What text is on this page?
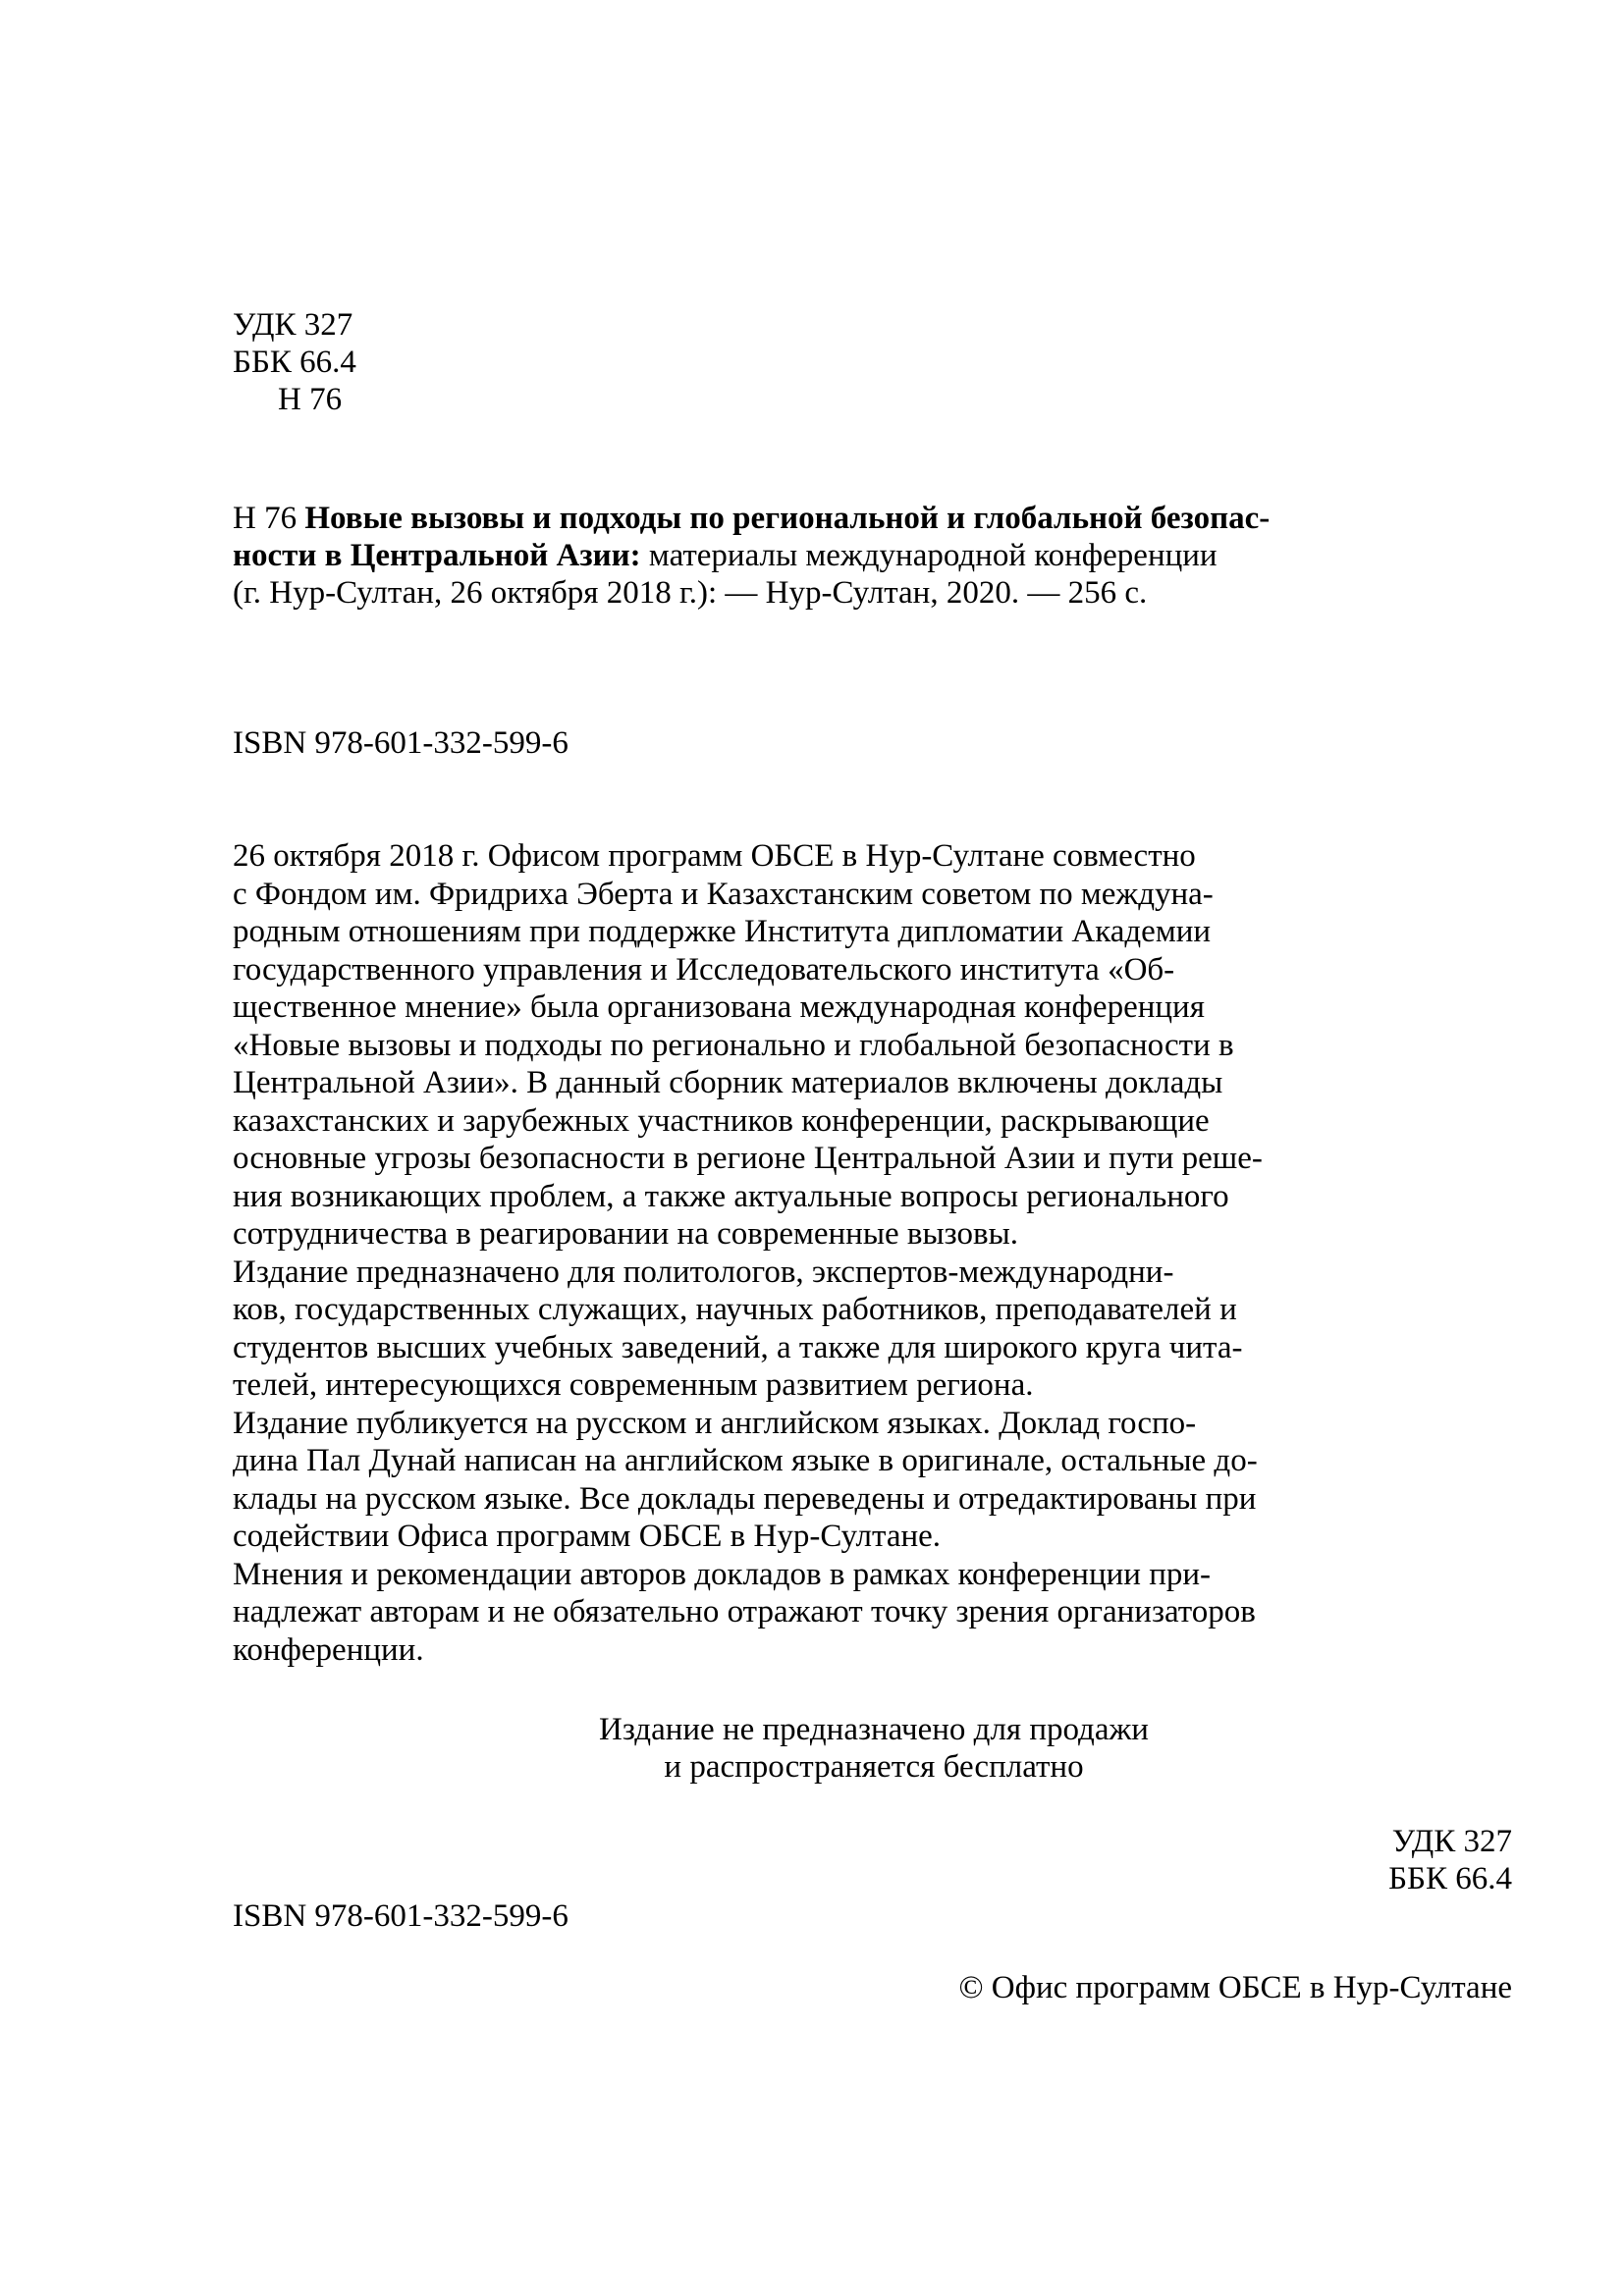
УДК 327
ББК 66.4
Н 76
Н 76 Новые вызовы и подходы по региональной и глобальной безопас-
ности в Центральной Азии: материалы международной конференции
(г. Нур-Султан, 26 октября 2018 г.): — Нур-Султан, 2020. — 256 с.
ISBN 978-601-332-599-6
26 октября 2018 г. Офисом программ ОБСЕ в Нур-Султане совместно
с Фондом им. Фридриха Эберта и Казахстанским советом по междуна-
родным отношениям при поддержке Института дипломатии Академии
государственного управления и Исследовательского института «Об-
щественное мнение» была организована международная конференция
«Новые вызовы и подходы по регионально и глобальной безопасности в
Центральной Азии». В данный сборник материалов включены доклады
казахстанских и зарубежных участников конференции, раскрывающие
основные угрозы безопасности в регионе Центральной Азии и пути реше-
ния возникающих проблем, а также актуальные вопросы регионального
сотрудничества в реагировании на современные вызовы.
Издание предназначено для политологов, экспертов-международни-
ков, государственных служащих, научных работников, преподавателей и
студентов высших учебных заведений, а также для широкого круга чита-
телей, интересующихся современным развитием региона.
Издание публикуется на русском и английском языках. Доклад госпо-
дина Пал Дунай написан на английском языке в оригинале, остальные до-
клады на русском языке. Все доклады переведены и отредактированы при
содействии Офиса программ ОБСЕ в Нур-Султане.
Мнения и рекомендации авторов докладов в рамках конференции при-
надлежат авторам и не обязательно отражают точку зрения организаторов
конференции.
Издание не предназначено для продажи
и распространяется бесплатно
УДК 327
ББК 66.4
ISBN 978-601-332-599-6
© Офис программ ОБСЕ в Нур-Султане
